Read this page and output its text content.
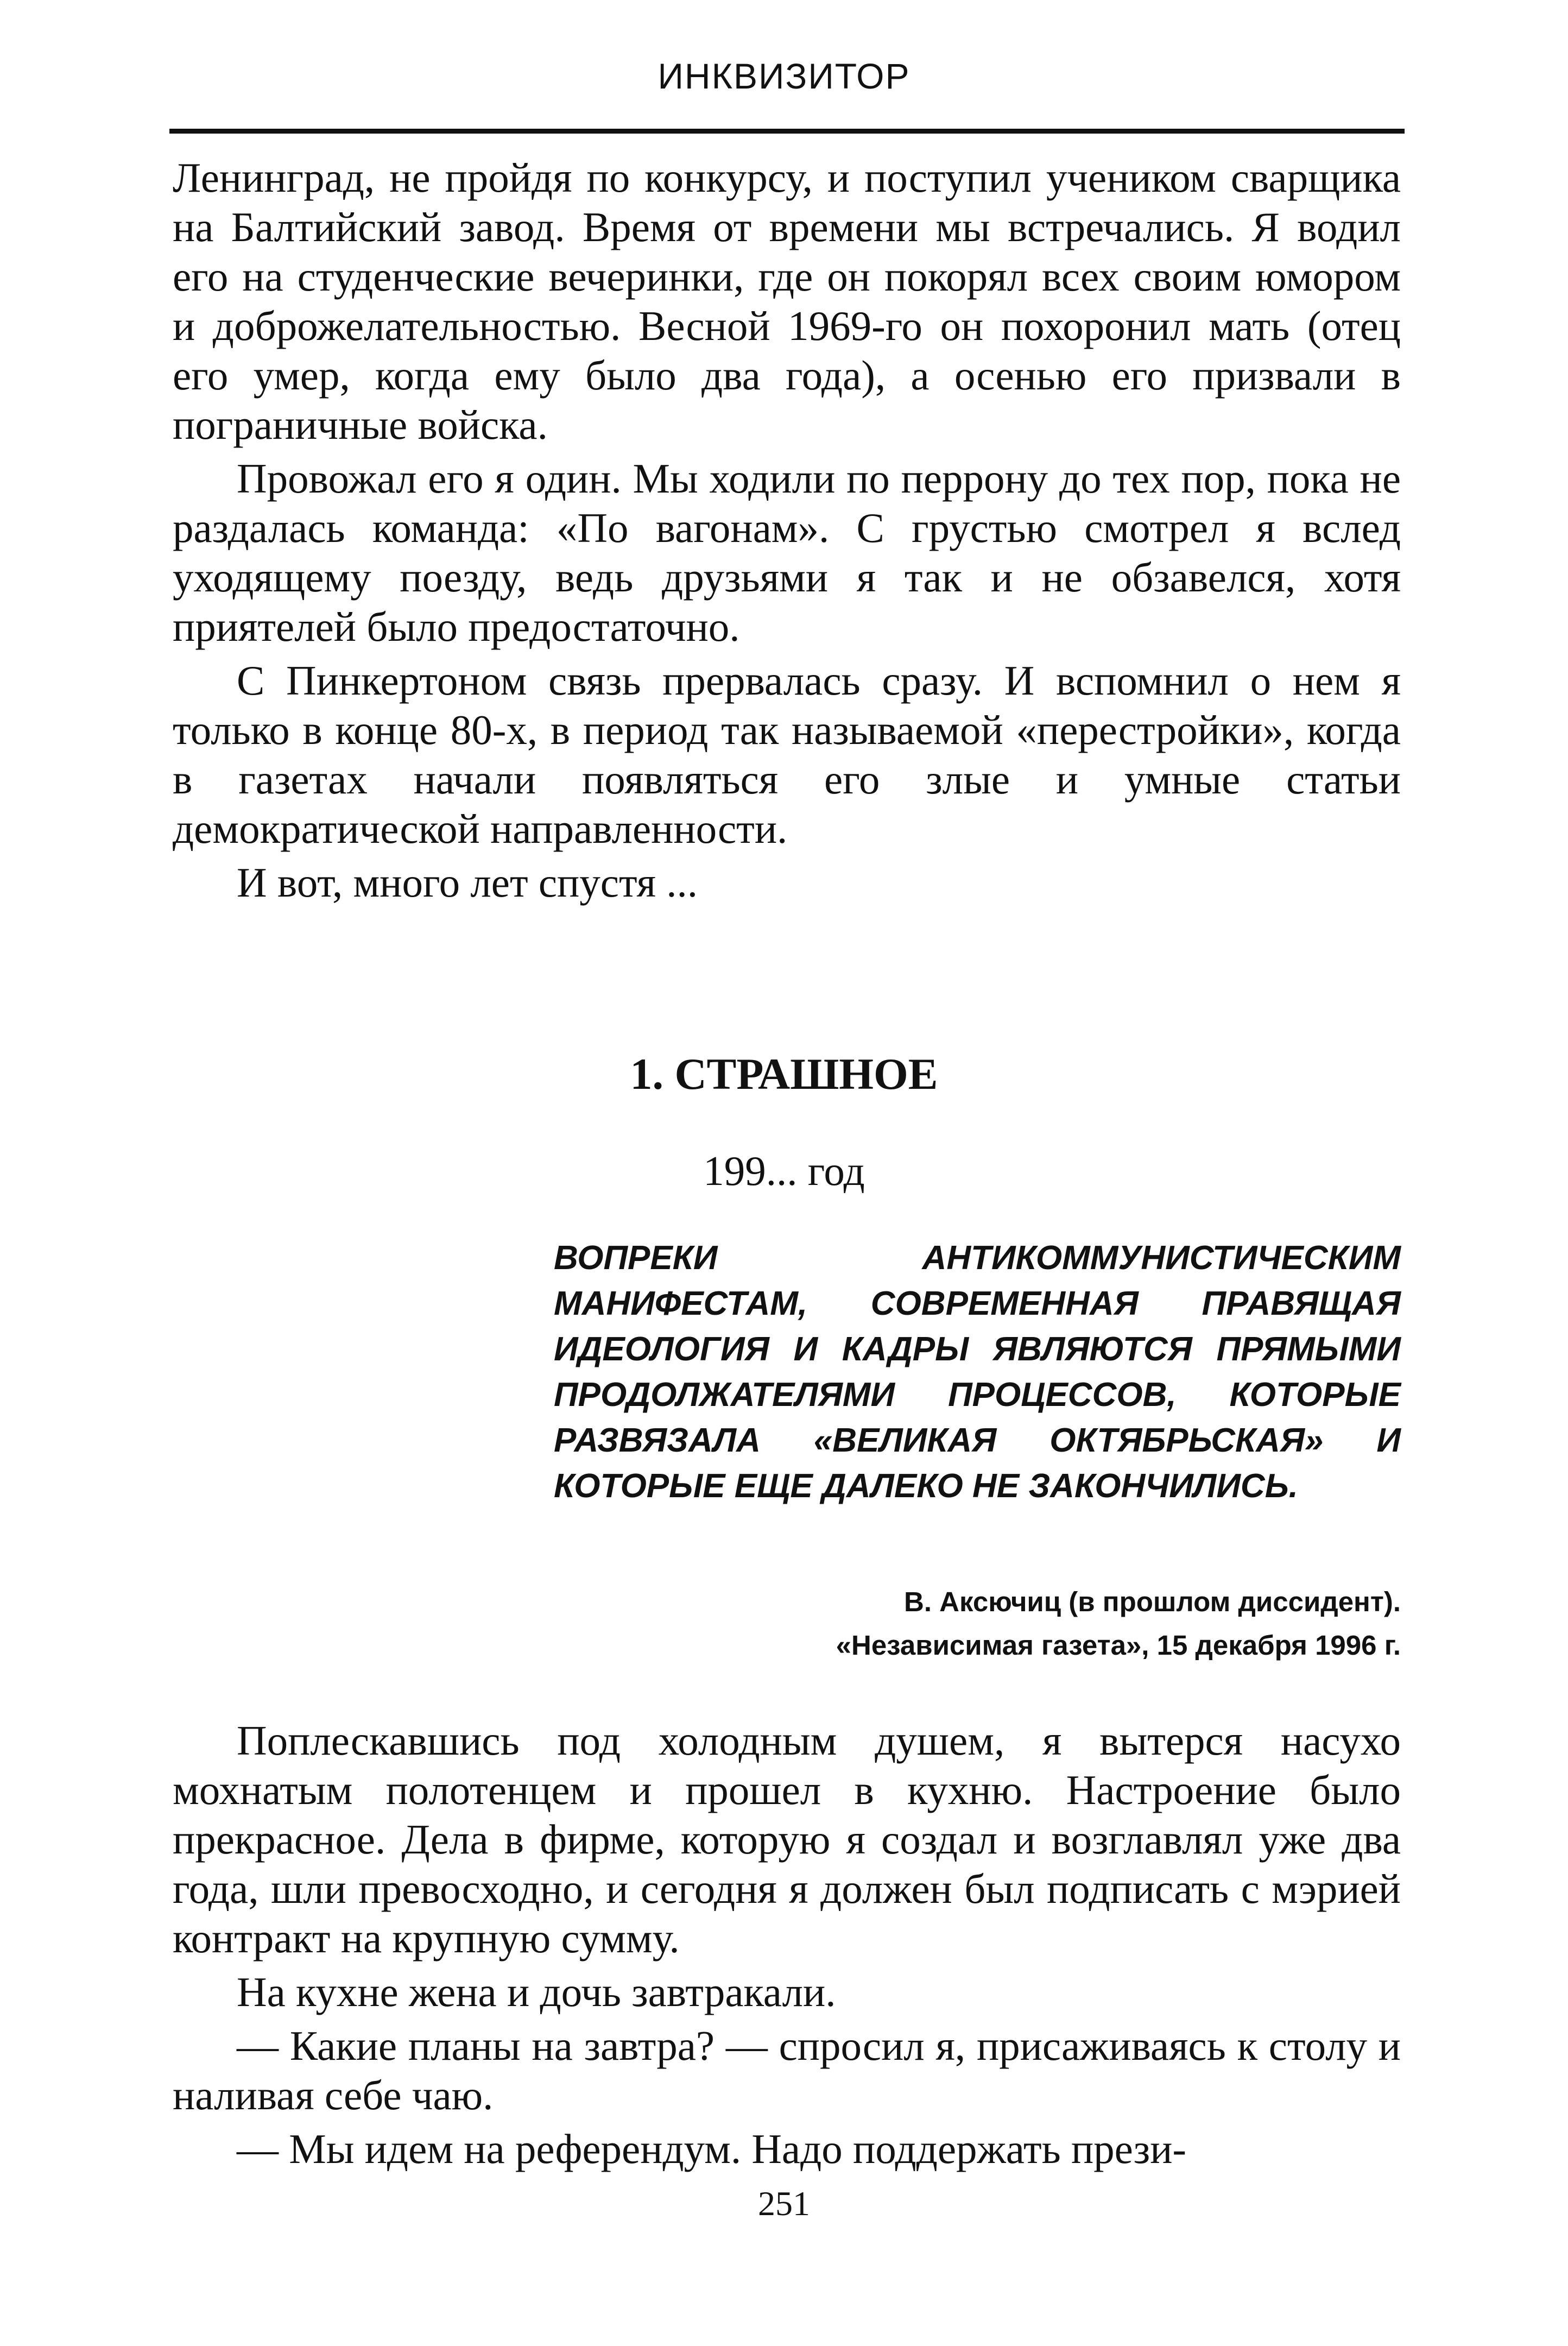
ИНКВИЗИТОР

Ленинград, не пройдя по конкурсу, и поступил учеником сварщика на Балтийский завод. Время от времени мы встречались. Я водил его на студенческие вечеринки, где он покорял всех своим юмором и доброжелательностью. Весной 1969-го он похоронил мать (отец его умер, когда ему было два года), а осенью его призвали в пограничные войска.

Провожал его я один. Мы ходили по перрону до тех пор, пока не раздалась команда: «По вагонам». С грустью смотрел я вслед уходящему поезду, ведь друзьями я так и не обзавелся, хотя приятелей было предостаточно.

С Пинкертоном связь прервалась сразу. И вспомнил о нем я только в конце 80-х, в период так называемой «перестройки», когда в газетах начали появляться его злые и умные статьи демократической направленности.

И вот, много лет спустя ...

1. СТРАШНОЕ
199... год
ВОПРЕКИ АНТИКОММУНИСТИЧЕСКИМ МАНИФЕСТАМ, СОВРЕМЕННАЯ ПРАВЯЩАЯ ИДЕОЛОГИЯ И КАДРЫ ЯВЛЯЮТСЯ ПРЯМЫМИ ПРОДОЛЖАТЕЛЯМИ ПРОЦЕССОВ, КОТОРЫЕ РАЗВЯЗАЛА «ВЕЛИКАЯ ОКТЯБРЬСКАЯ» И КОТОРЫЕ ЕЩЕ ДАЛЕКО НЕ ЗАКОНЧИЛИСЬ.
В. Аксючиц (в прошлом диссидент).
«Независимая газета», 15 декабря 1996 г.

Поплескавшись под холодным душем, я вытерся насухо мохнатым полотенцем и прошел в кухню. Настроение было прекрасное. Дела в фирме, которую я создал и возглавлял уже два года, шли превосходно, и сегодня я должен был подписать с мэрией контракт на крупную сумму.

На кухне жена и дочь завтракали.

— Какие планы на завтра? — спросил я, присаживаясь к столу и наливая себе чаю.

— Мы идем на референдум. Надо поддержать прези-

251
